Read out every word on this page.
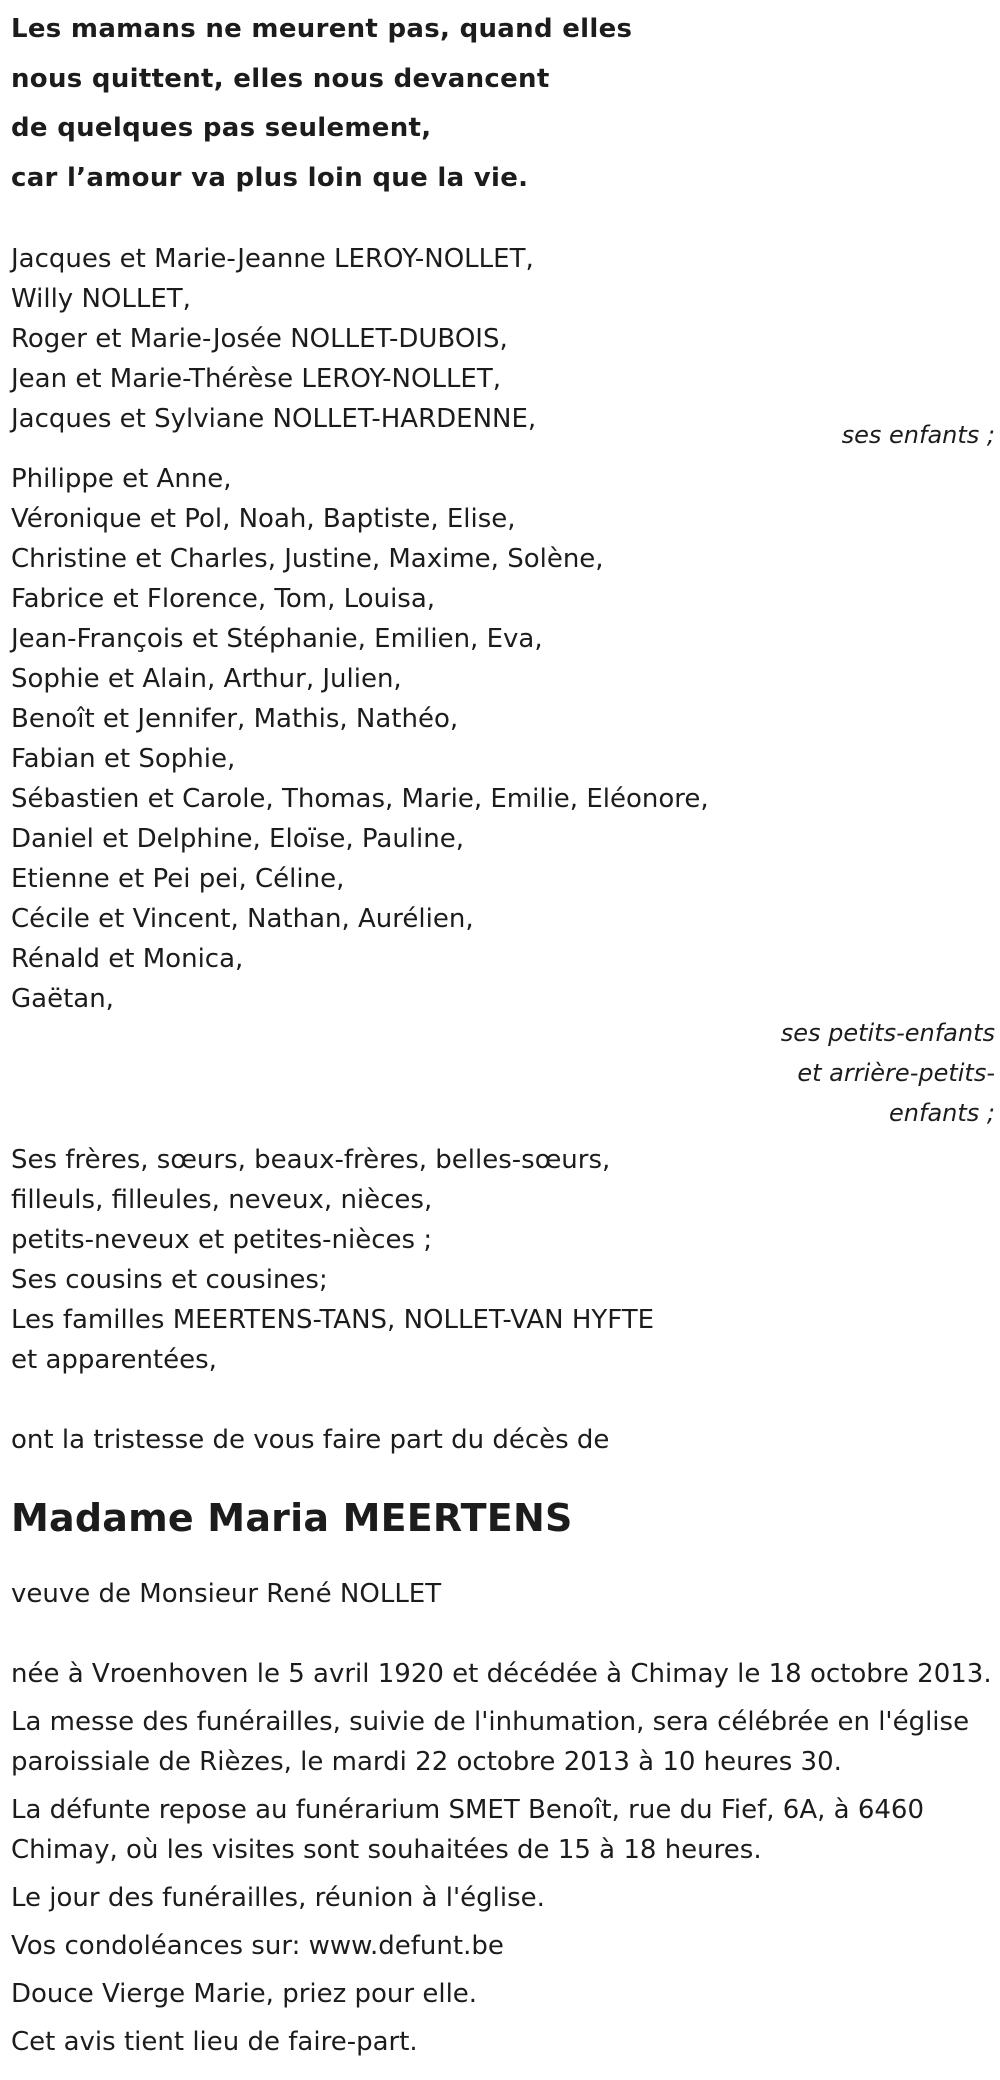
Les mamans ne meurent pas, quand elles
nous quittent, elles nous devancent
de quelques pas seulement,
car l’amour va plus loin que la vie.
Jacques et Marie-Jeanne LEROY-NOLLET,
Willy NOLLET,
Roger et Marie-Josée NOLLET-DUBOIS,
Jean et Marie-Thérèse LEROY-NOLLET,
Jacques et Sylviane NOLLET-HARDENNE,
ses enfants ;
Philippe et Anne,
Véronique et Pol, Noah, Baptiste, Elise,
Christine et Charles, Justine, Maxime, Solène,
Fabrice et Florence, Tom, Louisa,
Jean-François et Stéphanie, Emilien, Eva,
Sophie et Alain, Arthur, Julien,
Benoît et Jennifer, Mathis, Nathéo,
Fabian et Sophie,
Sébastien et Carole, Thomas, Marie, Emilie, Eléonore,
Daniel et Delphine, Eloïse, Pauline,
Etienne et Pei pei, Céline,
Cécile et Vincent, Nathan, Aurélien,
Rénald et Monica,
Gaëtan,
ses petits-enfants
et arrière-petits-
enfants ;
Ses frères, sœurs, beaux-frères, belles-sœurs,
filleuls, filleules, neveux, nièces,
petits-neveux et petites-nièces ;
Ses cousins et cousines;
Les familles MEERTENS-TANS, NOLLET-VAN HYFTE
et apparentées,
ont la tristesse de vous faire part du décès de
Madame Maria MEERTENS
veuve de Monsieur René NOLLET

née à Vroenhoven le 5 avril 1920 et décédée à Chimay le 18 octobre 2013.

La messe des funérailles, suivie de l'inhumation, sera célébrée en l'église paroissiale de Rièzes, le mardi 22 octobre 2013 à 10 heures 30.

La défunte repose au funérarium SMET Benoît, rue du Fief, 6A, à 6460 Chimay, où les visites sont souhaitées de 15 à 18 heures.

Le jour des funérailles, réunion à l'église.

Vos condoléances sur: www.defunt.be

Douce Vierge Marie, priez pour elle.

Cet avis tient lieu de faire-part.
